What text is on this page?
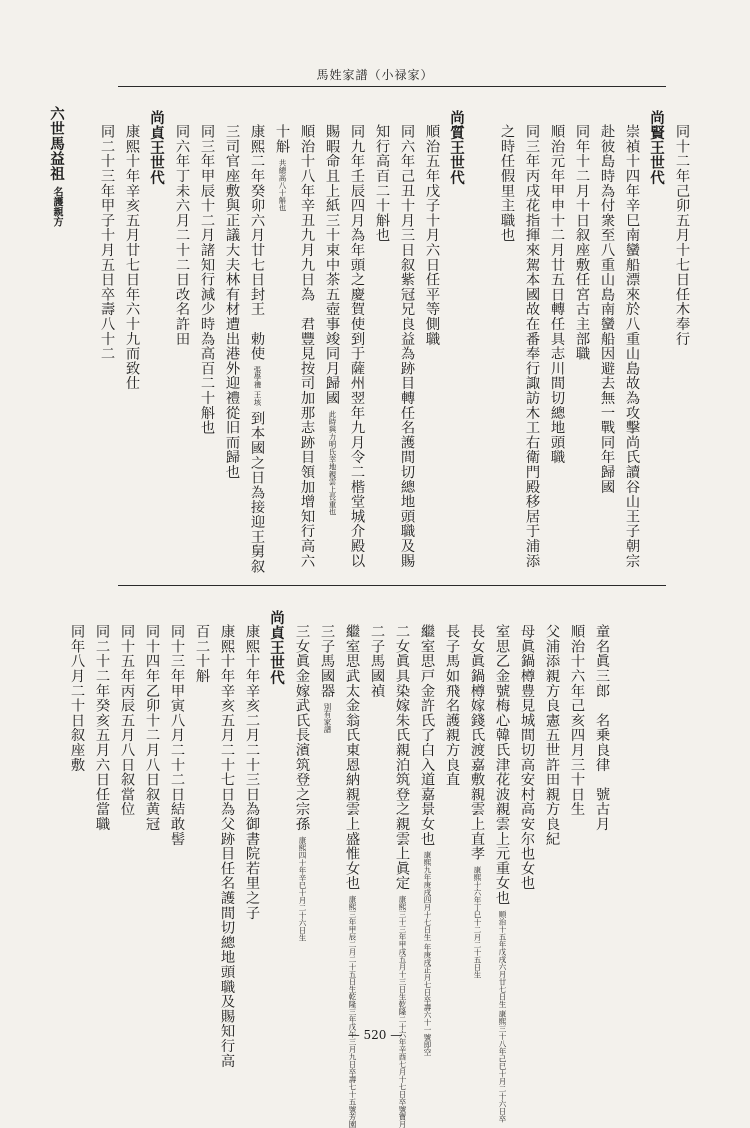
馬姓家譜（小禄家）
同十二年己卯五月十七日任木奉行
尚賢王世代
崇禎十四年辛巳南蠻船漂來於八重山島故為攻擊尚氏讀谷山王子朝宗
赴彼島時為付衆至八重山島南蠻船因避去無一戰同年歸國
同年十二月十日叙座敷任宮古主部職
順治元年甲申十二月廿五日轉任具志川間切總地頭職
同三年丙戌花指揮來駕本國故在番奉行諏訪木工右衛門殿移居于浦添
之時任假里主職也
尚質王世代
順治五年戊子十月六日任平等側職
同六年己丑十月三日叙紫冠兄良益為跡目轉任名護間切總地頭職及賜
知行高百二十斛也
同九年壬辰四月為年頭之慶賀使到于薩州翌年九月令二楷堂城介殿以
賜暇命且上紙三十束中茶五壺事竣同月歸國 此時與力明氏幸地親雲上長重也
順治十八年辛丑九月九日為　君豐見按司加那志跡目領加增知行高六
十斛 共總高八十斛也
康熙二年癸卯六月廿七日封王　勅使 張學禮 王垓 到本國之日為接迎王舅叙
三司官座敷與正議大夫林有材遭出港外迎禮從旧而歸也
同三年甲辰十二月諸知行減少時為高百二十斛也
同六年丁未六月二十二日改名許田
尚貞王世代
康熙十年辛亥五月廿七日年六十九而致仕
同二十三年甲子十月五日卒壽八十二
六世馬益祖 名護親方
童名眞三郎　名乗良律　號古月
順治十六年己亥四月三十日生
父浦添親方良憲五世許田親方良紀
母眞鍋樽豊見城間切高安村高安尔也女也
室思乙金號梅心韓氏津花波親雲上元重女也 順治十五年戊戌六月廿七日生 康熙三十八年己巳十月二十六日卒
長女眞鍋樽嫁錢氏渡嘉敷親雲上直孝 康熙十六年丁巳十二月二十五日生
長子馬如飛名護親方良直
繼室思戸金許氏了白入道嘉景女也 康熙九年庚戌四月十七日生 年庚戌正月七日卒壽六十一號即空
二女眞具染嫁朱氏親泊筑登之親雲上眞定 康熙三十三年甲戌五月十三日生乾隆二十六年辛酉七月十七日卒號寶月
二子馬國禎
繼室思武太金翁氏東恩納親雲上盛惟女也 康熙三年甲辰二月二十五日生乾隆三年戊午三月九日卒壽七十五號芳園
三子馬國器 別有家譜
三女眞金嫁武氏長濱筑登之宗孫 康熙四十年辛巳十月二十六日生
尚貞王世代
康熙十年辛亥二月二十三日為御書院若里之子
康熙十年辛亥五月二十七日為父跡目任名護間切總地頭職及賜知行高
百二十斛
同十三年甲寅八月二十二日結敢髻
同十四年乙卯十二月八日叙黄冠
同十五年丙辰五月八日叙當位
同二十二年癸亥五月六日任當職
同年八月二十日叙座敷
— 520 —
